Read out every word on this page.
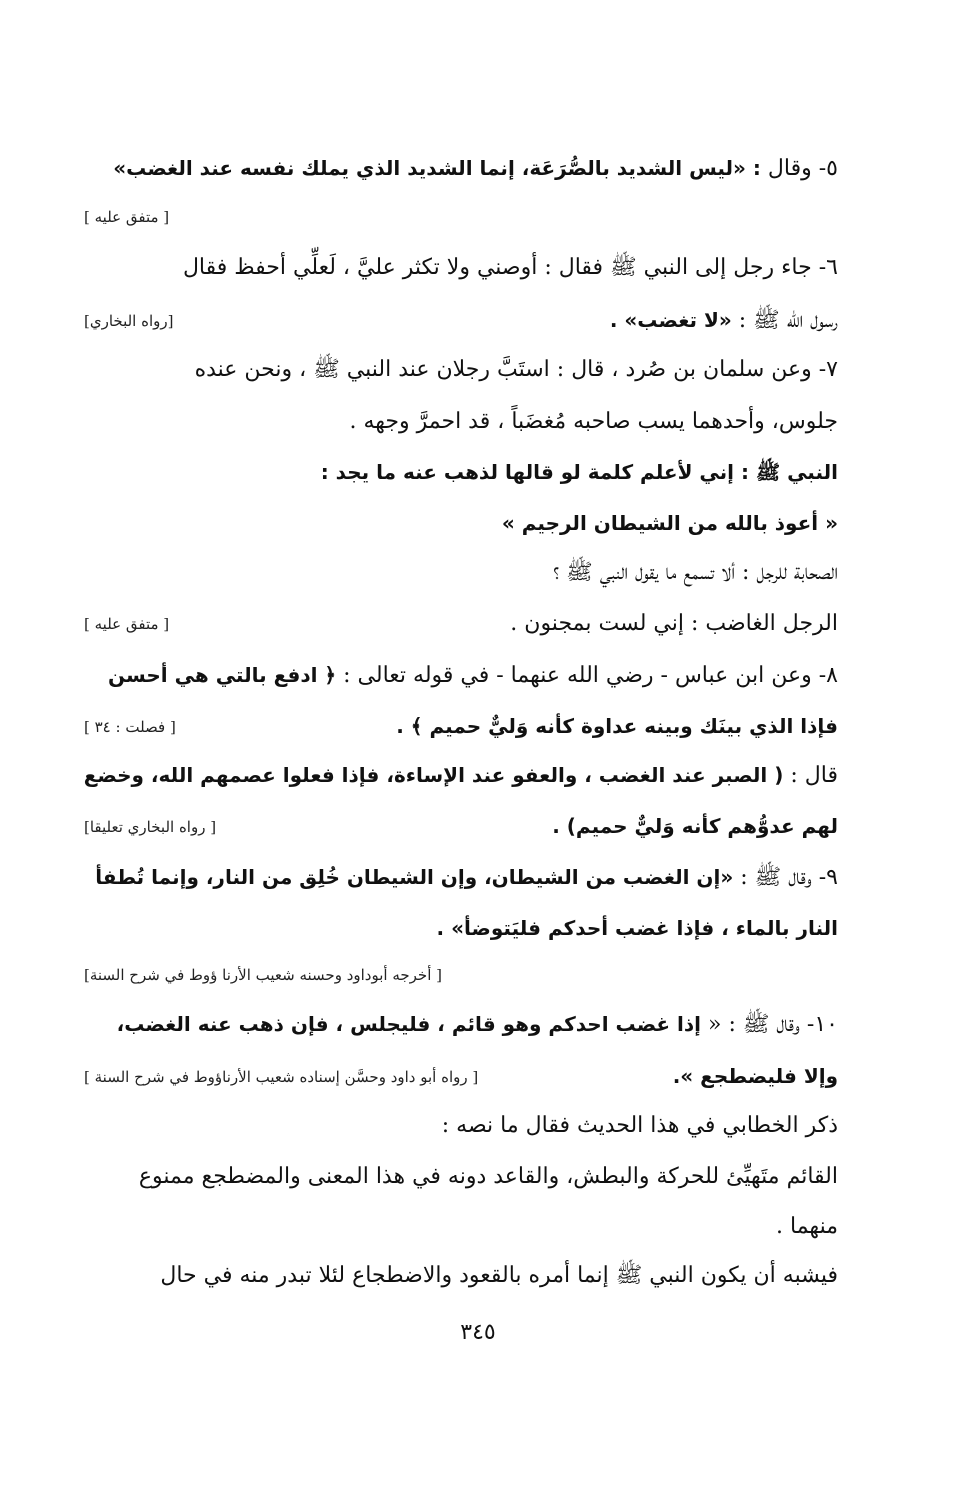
٥- وقال : «ليس الشديد بالصُّرَعَة، إنما الشديد الذي يملك نفسه عند الغضب»
[ متفق عليه ]
٦- جاء رجل إلى النبي ﷺ فقال : أوصني ولا تكثر عليَّ ، لَعلِّي أحفظ فقال
رسول الله ﷺ : «لا تغضب» .
[رواه البخاري]
٧- وعن سلمان بن صُرد ، قال : استَبَّ رجلان عند النبي ﷺ ، ونحن عنده
جلوس، وأحدهما يسب صاحبه مُغضَباً ، قد احمرَّ وجهه .
النبي ﷺ : إني لأعلم كلمة لو قالها لذهب عنه ما يجد :
« أعوذ بالله من الشيطان الرجيم »
الصحابة للرجل : ألا تسمع ما يقول النبي ﷺ ؟
الرجل الغاضب : إني لست بمجنون .
[ متفق عليه ]
٨- وعن ابن عباس - رضي الله عنهما - في قوله تعالى : ﴿ ادفع بالتي هي أحسن
فإذا الذي بينَك وبينه عداوة كأنه وَليٌّ حميم ﴾ .
[ فصلت : ٣٤ ]
قال : ( الصبر عند الغضب ، والعفو عند الإساءة، فإذا فعلوا عصمهم الله، وخضع
لهم عدوُّهم كأنه وَليٌّ حميم) .
[ رواه البخاري تعليقا]
٩- وقال ﷺ : «إن الغضب من الشيطان، وإن الشيطان خُلِق من النار، وإنما تُطفأ
النار بالماء ، فإذا غضب أحدكم فليَتوضأ» .
[ أخرجه أبوداود وحسنه شعيب الأرنا ؤوط في شرح السنة]
١٠- وقال ﷺ : « إذا غضب احدكم وهو قائم ، فليجلس ، فإن ذهب عنه الغضب،
وإلا فليضطجع ».
[ رواه أبو داود وحسَّن إسناده شعيب الأرناؤوط في شرح السنة ]
ذكر الخطابي في هذا الحديث فقال ما نصه :
القائم متَهيِّئ للحركة والبطش، والقاعد دونه في هذا المعنى والمضطجع ممنوع
منهما .
فيشبه أن يكون النبي ﷺ إنما أمره بالقعود والاضطجاع لئلا تبدر منه في حال
٣٤٥
